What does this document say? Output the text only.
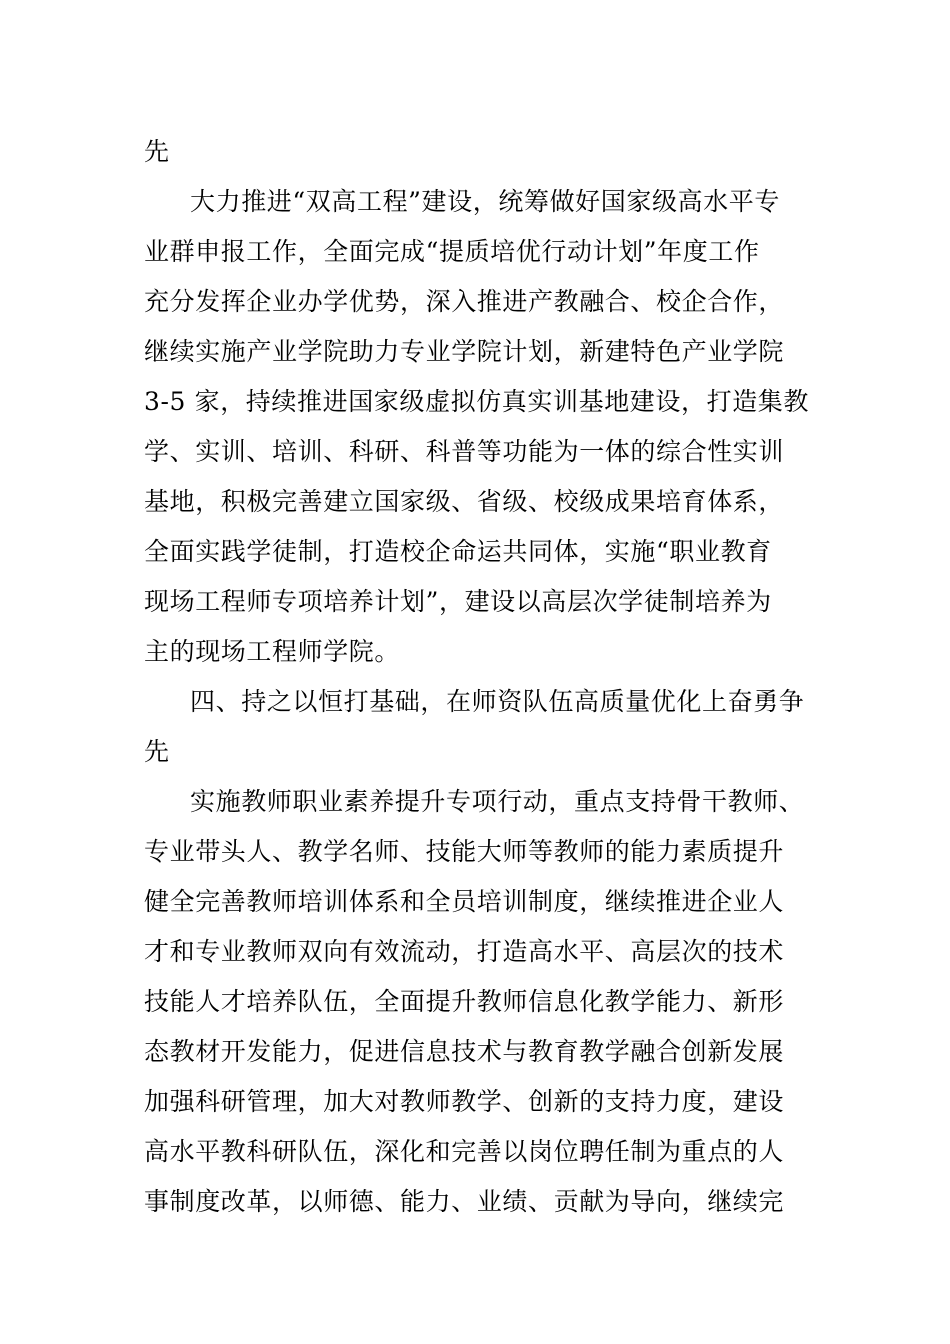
先
大力推进“双高工程”建设，统筹做好国家级高水平专
业群申报工作，全面完成“提质培优行动计划”年度工作
充分发挥企业办学优势，深入推进产教融合、校企合作，
继续实施产业学院助力专业学院计划，新建特色产业学院
3-5 家，持续推进国家级虚拟仿真实训基地建设，打造集教
学、实训、培训、科研、科普等功能为一体的综合性实训
基地，积极完善建立国家级、省级、校级成果培育体系，
全面实践学徒制，打造校企命运共同体，实施“职业教育
现场工程师专项培养计划”，建设以高层次学徒制培养为
主的现场工程师学院。
四、持之以恒打基础，在师资队伍高质量优化上奋勇争
先
实施教师职业素养提升专项行动，重点支持骨干教师、
专业带头人、教学名师、技能大师等教师的能力素质提升
健全完善教师培训体系和全员培训制度，继续推进企业人
才和专业教师双向有效流动，打造高水平、高层次的技术
技能人才培养队伍，全面提升教师信息化教学能力、新形
态教材开发能力，促进信息技术与教育教学融合创新发展
加强科研管理，加大对教师教学、创新的支持力度，建设
高水平教科研队伍，深化和完善以岗位聘任制为重点的人
事制度改革，以师德、能力、业绩、贡献为导向，继续完
